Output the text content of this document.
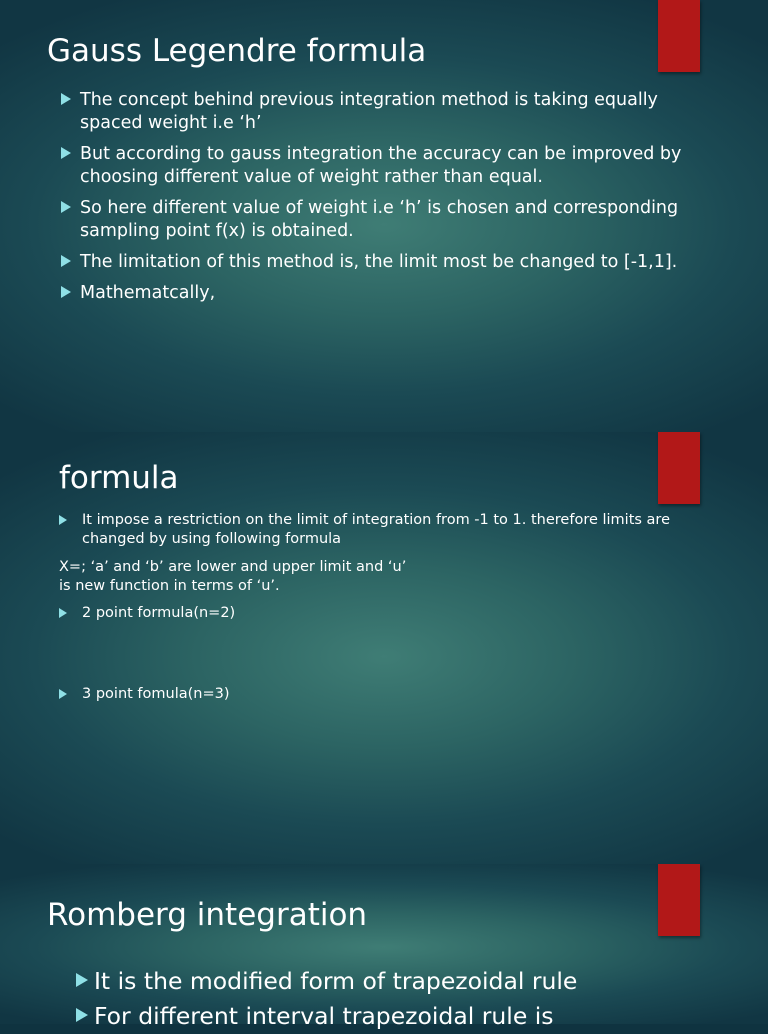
Gauss Legendre formula
The concept behind previous integration method is taking equally spaced weight i.e ‘h’
But according to gauss integration the accuracy can be improved by choosing different value of weight rather than equal.
So here different value of weight i.e ‘h’ is chosen and corresponding sampling point f(x) is obtained.
The limitation of this method is, the limit most be changed to [-1,1].
Mathematcally,
Romberg integration
formula
It impose a restriction on the limit of integration from -1 to 1. therefore limits are changed by using following formula
X=; ‘a’ and ‘b’ are lower and upper limit and ‘u’
is new function in terms of ‘u’.
2 point formula(n=2)
3 point fomula(n=3)
It is the modified form of trapezoidal rule
For different interval trapezoidal rule is
